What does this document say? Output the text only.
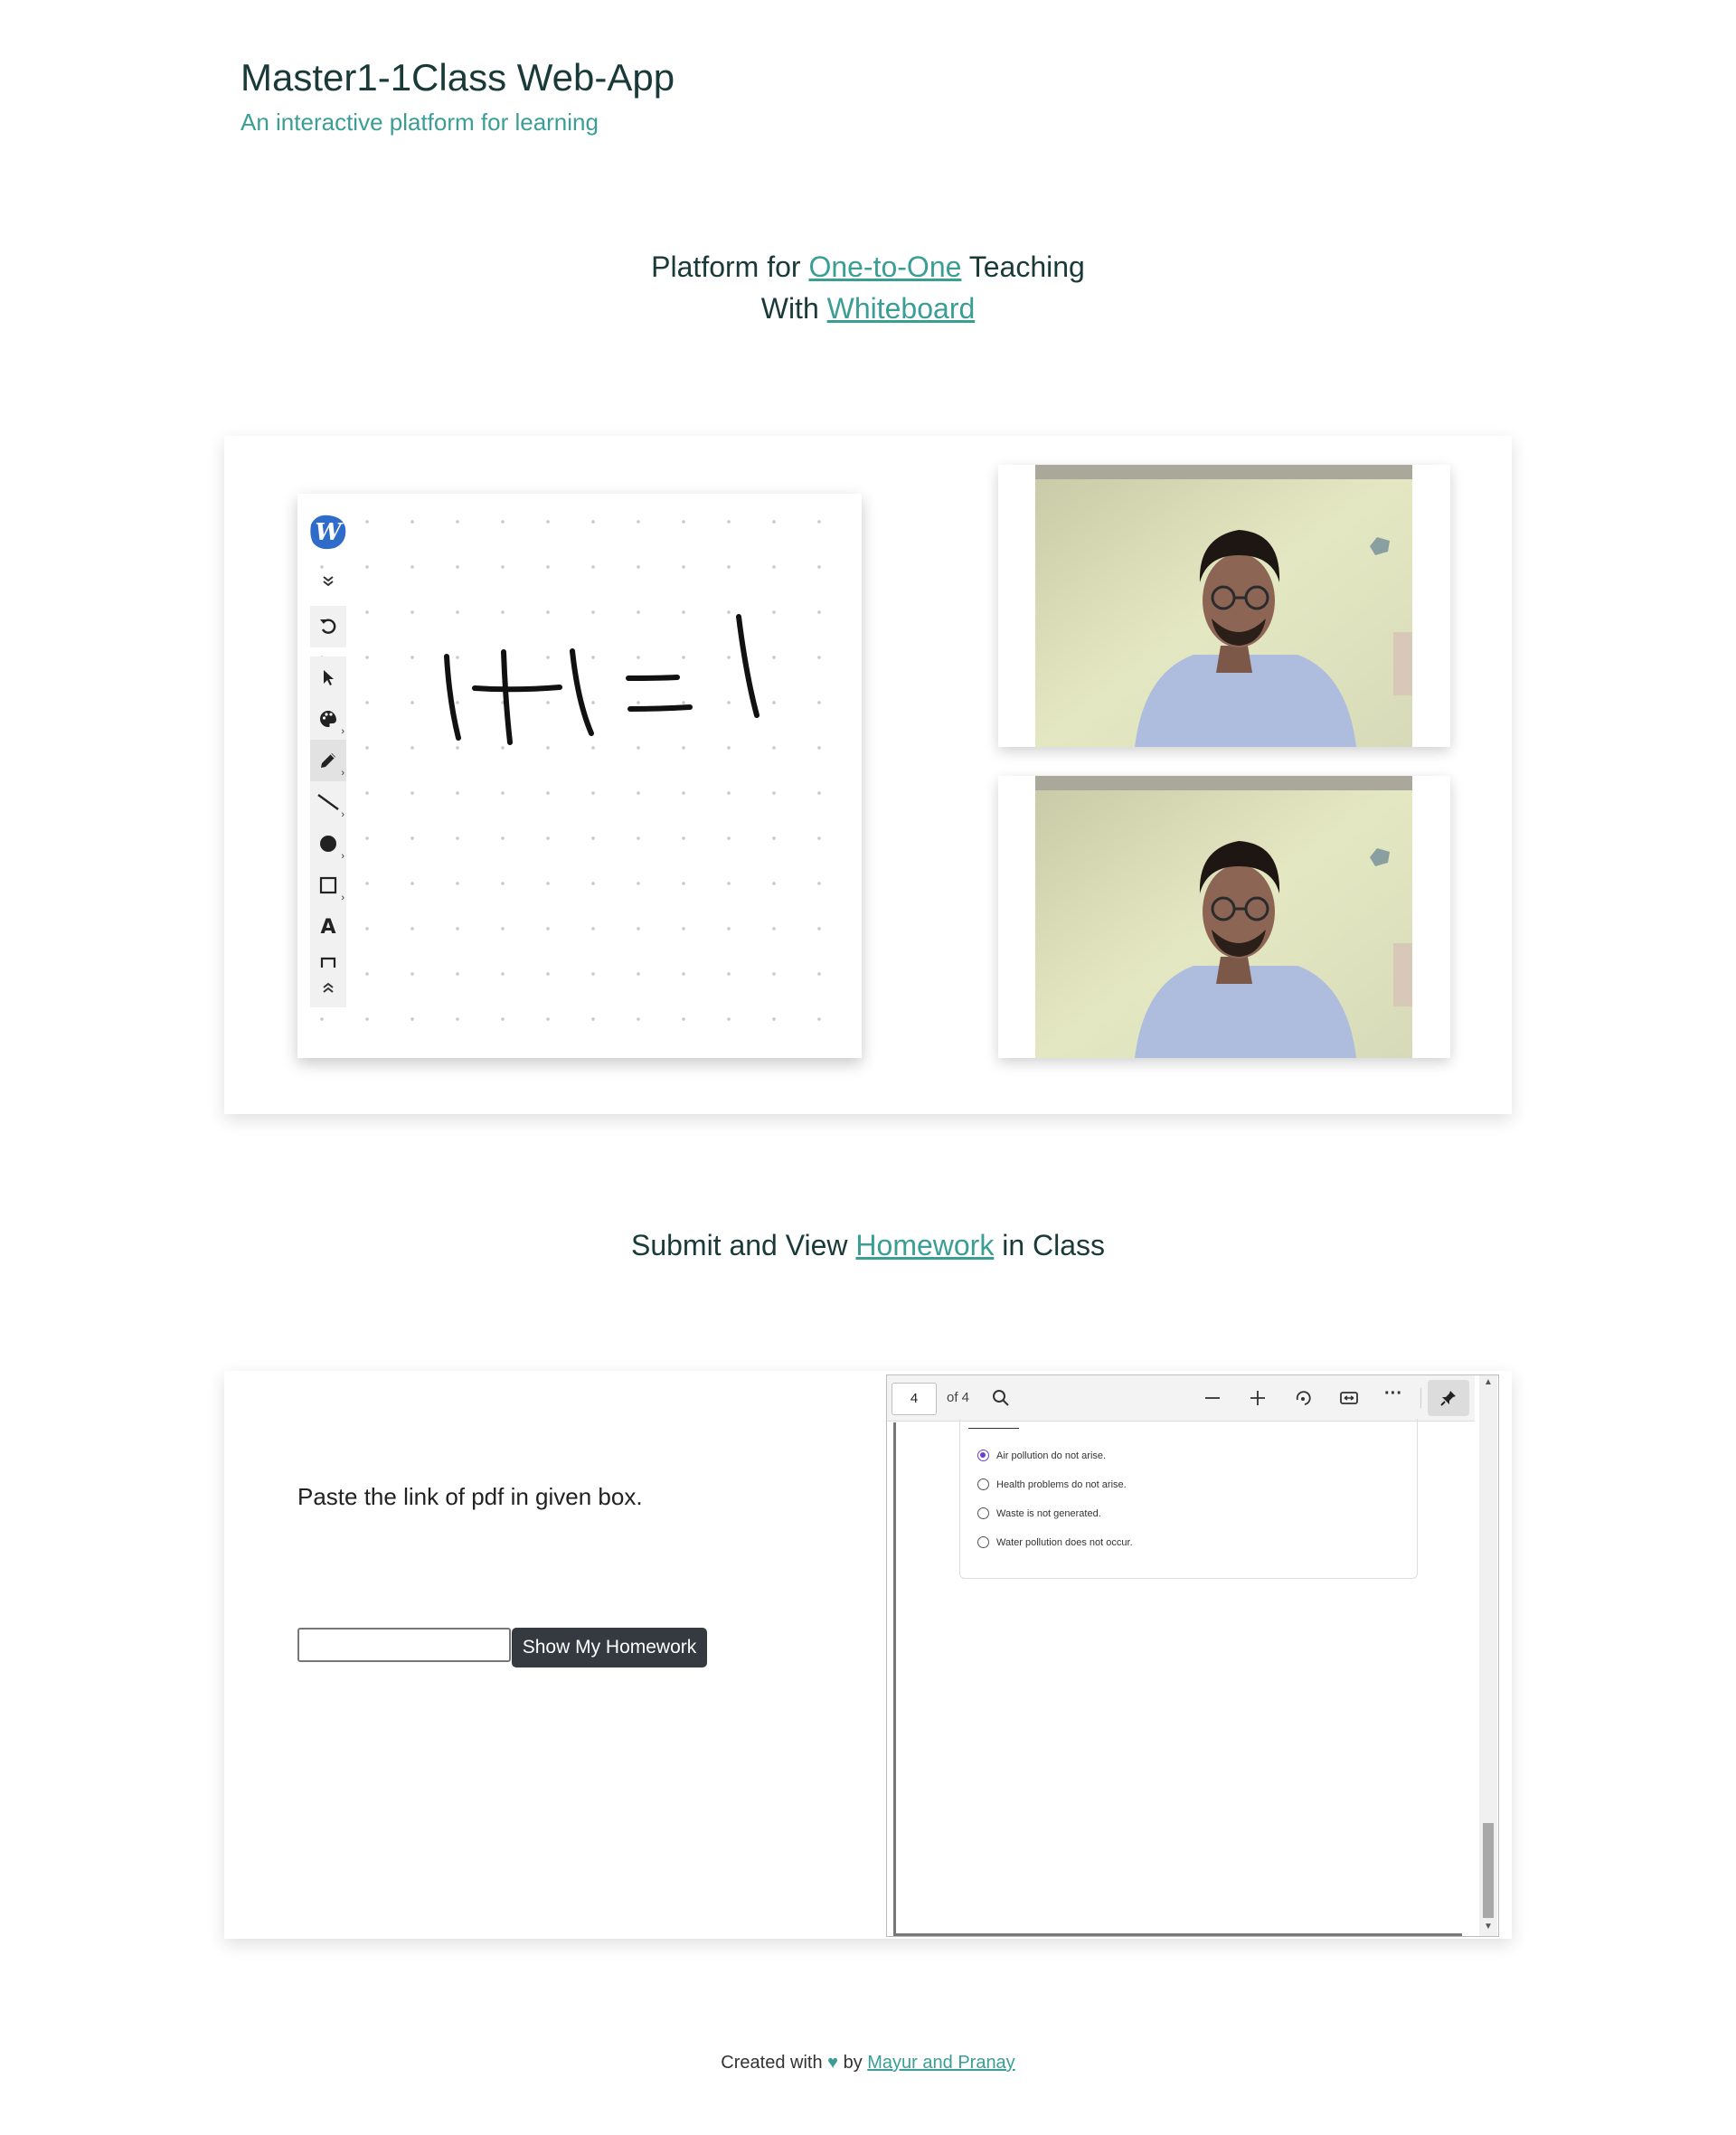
Master1-1Class Web-App

An interactive platform for learning

Platform for One-to-One Teaching
With Whiteboard
W
›
›
›
›
›
A
Submit and View Homework in Class

Paste the link of pdf in given box.

Show My Homework
4	of 4	···
Air pollution do not arise.
Health problems do not arise.
Waste is not generated.
Water pollution does not occur.
▲
▼
Created with ♥ by Mayur and Pranay
